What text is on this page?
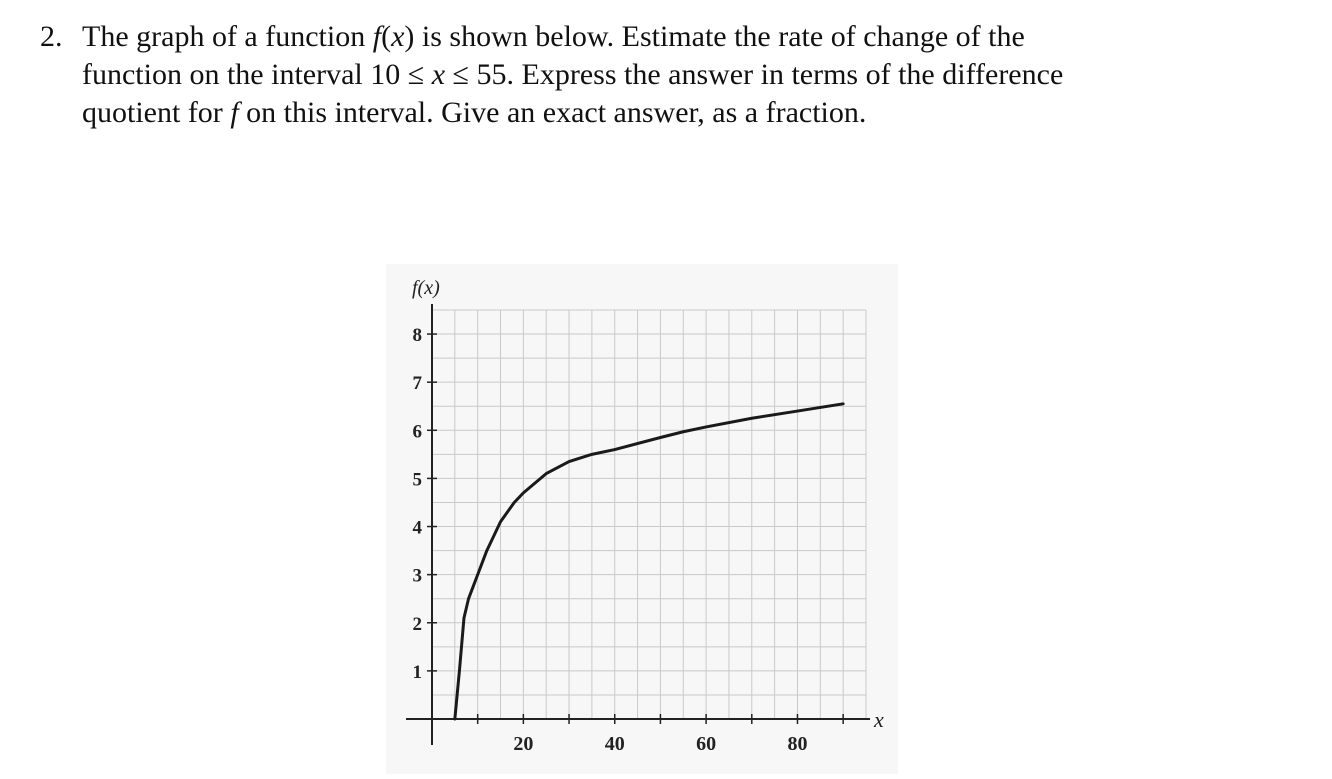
2. The graph of a function f(x) is shown below. Estimate the rate of change of the
function on the interval 10 ≤ x ≤ 55. Express the answer in terms of the difference
quotient for f on this interval. Give an exact answer, as a fraction.
1
2
3
4
5
6
7
8
20	40	60	80
f(x)
x
